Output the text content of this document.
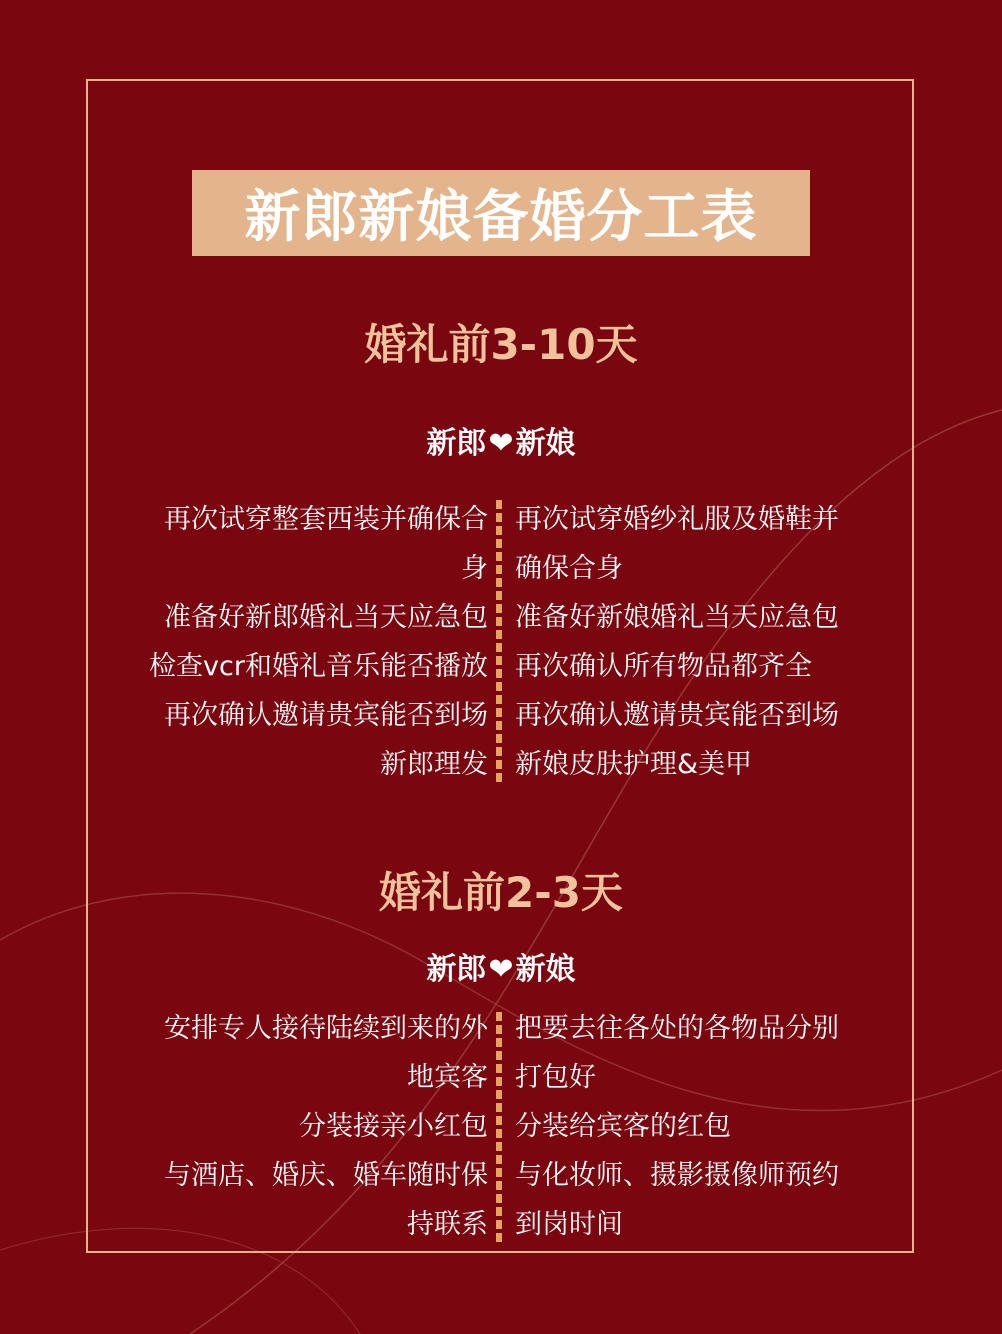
新郎新娘备婚分工表
婚礼前3-10天
新郎❤新娘
再次试穿整套西装并确保合
身
准备好新郎婚礼当天应急包
检查vcr和婚礼音乐能否播放
再次确认邀请贵宾能否到场
新郎理发
再次试穿婚纱礼服及婚鞋并
确保合身
准备好新娘婚礼当天应急包
再次确认所有物品都齐全
再次确认邀请贵宾能否到场
新娘皮肤护理&美甲
婚礼前2-3天
新郎❤新娘
安排专人接待陆续到来的外
地宾客
分装接亲小红包
与酒店、婚庆、婚车随时保
持联系
把要去往各处的各物品分别
打包好
分装给宾客的红包
与化妆师、摄影摄像师预约
到岗时间
